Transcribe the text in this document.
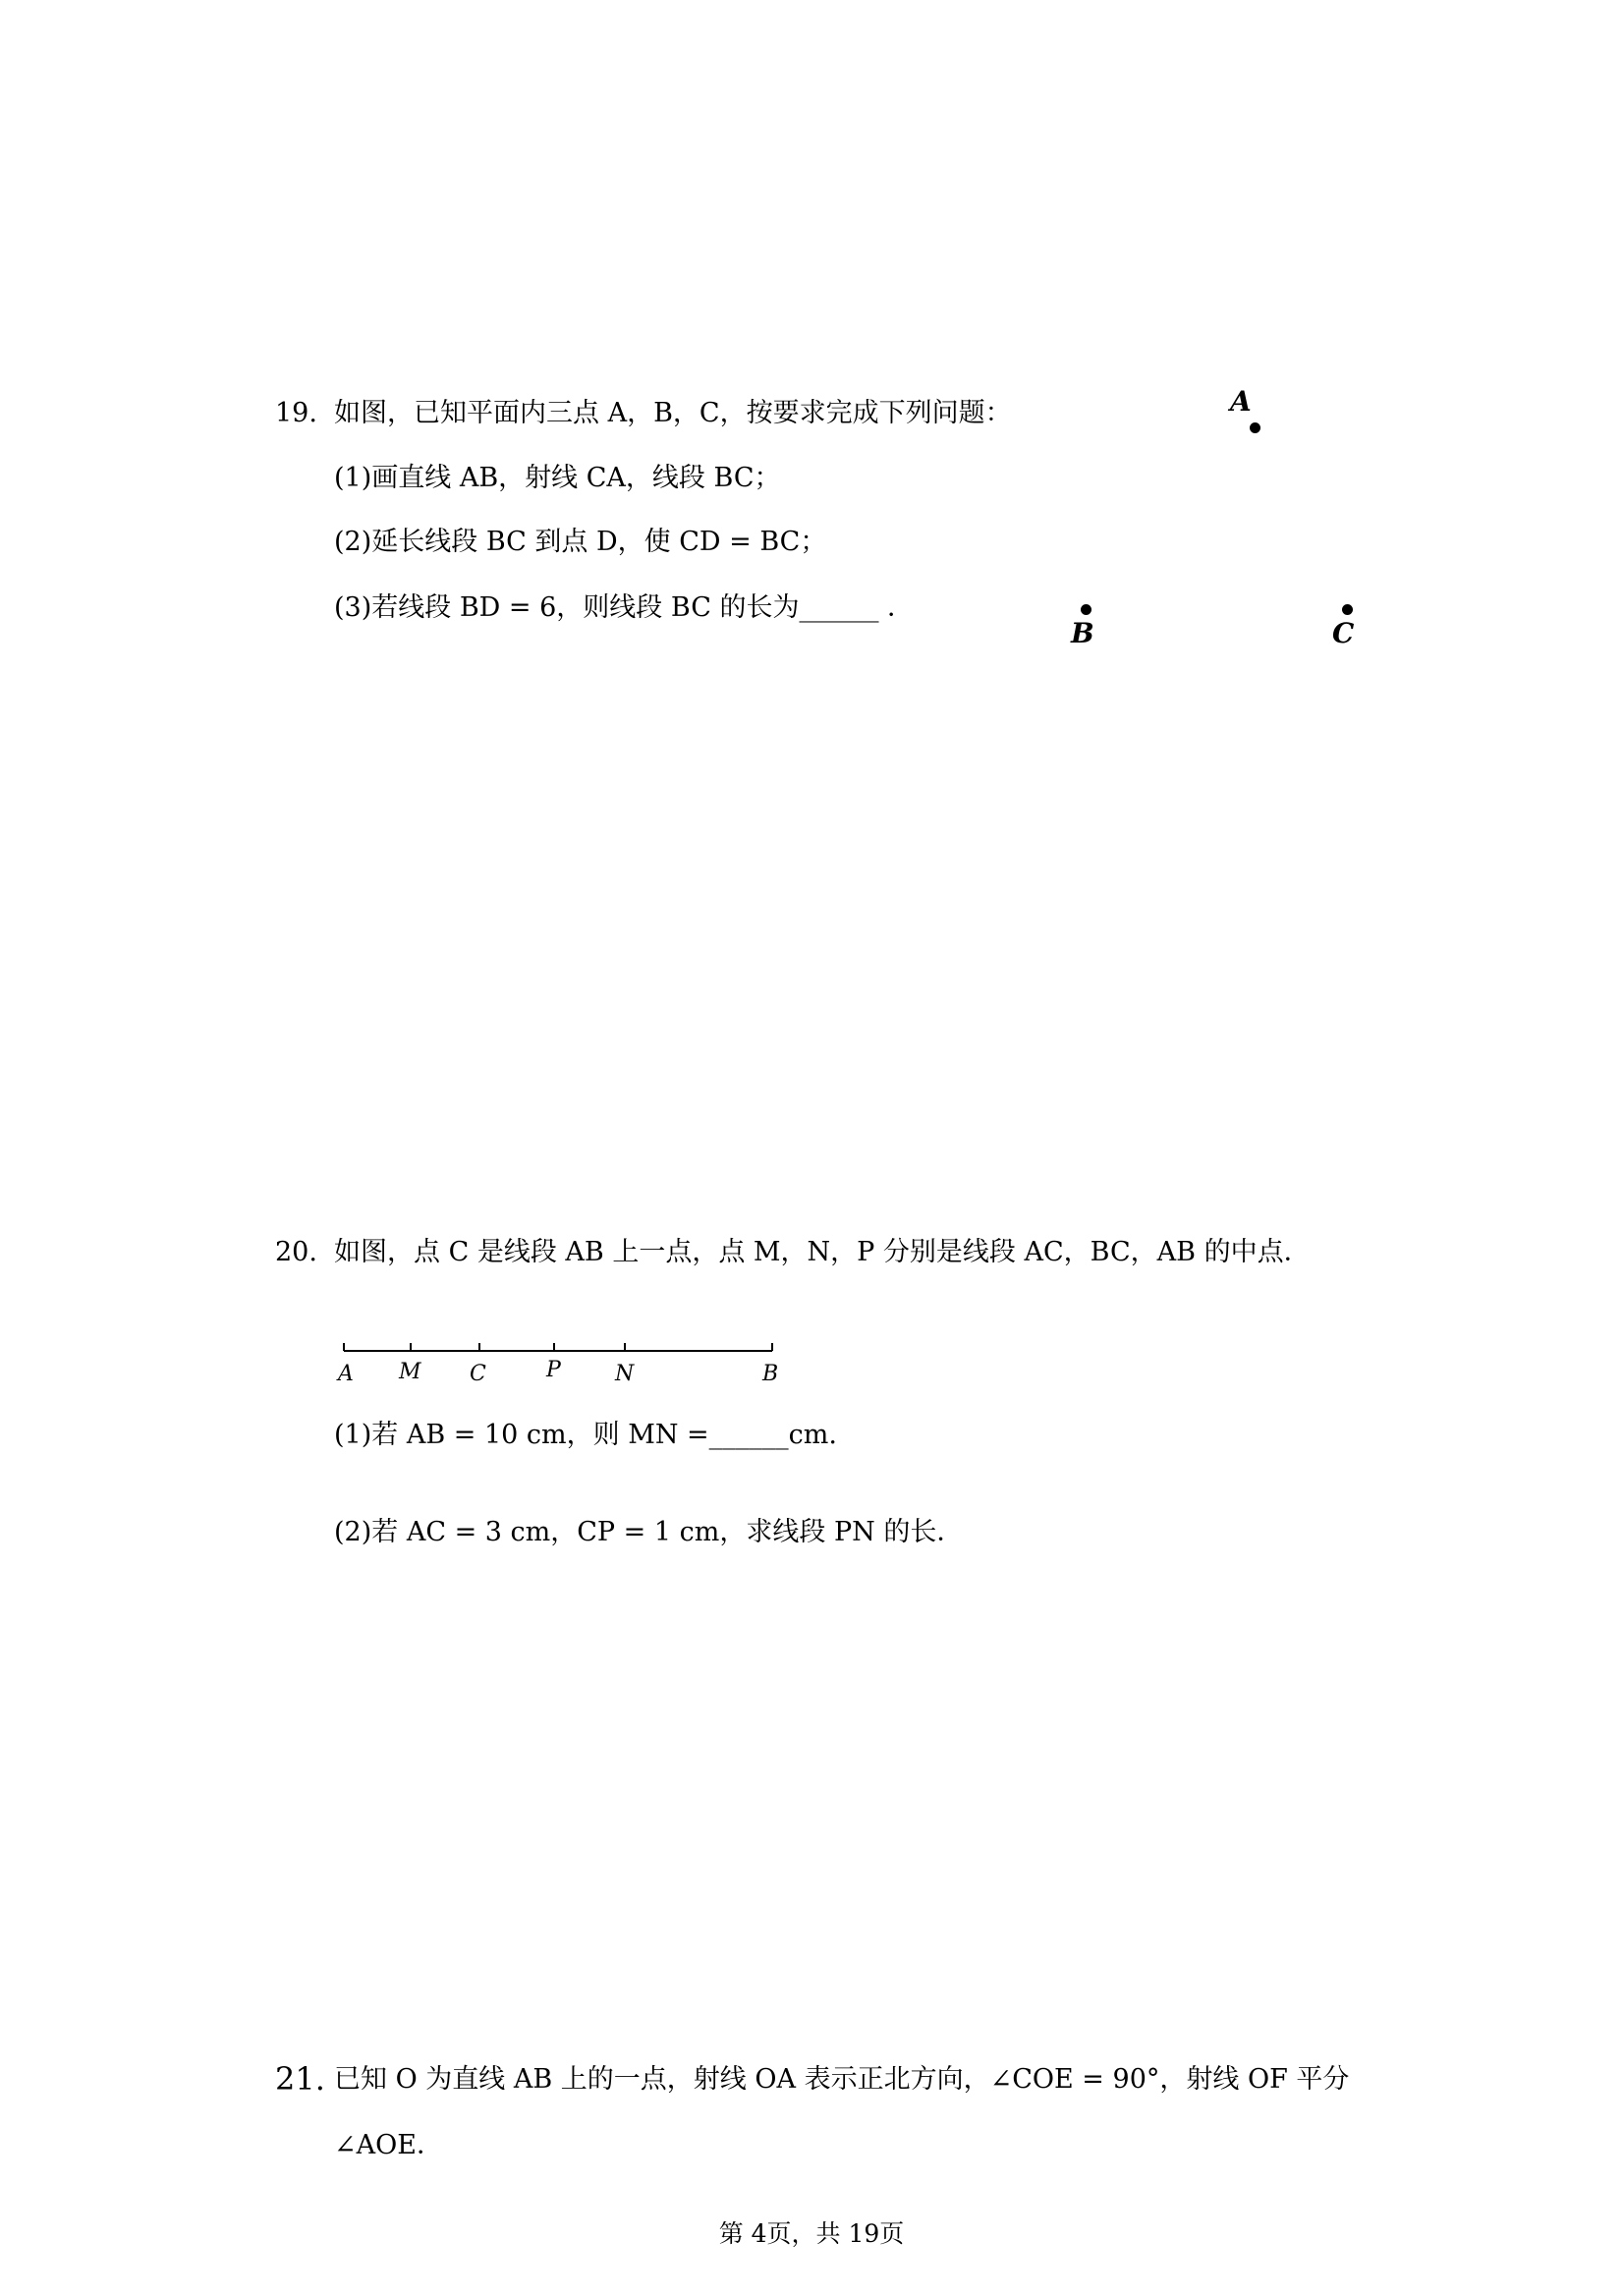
19. 如图，已知平面内三点 A，B，C，按要求完成下列问题：
(1)画直线 AB，射线 CA，线段 BC；
(2)延长线段 BC 到点 D，使 CD = BC；
(3)若线段 BD = 6，则线段 BC 的长为______ ．
A
B	C
20. 如图，点 C 是线段 AB 上一点，点 M，N，P 分别是线段 AC，BC，AB 的中点．
A M C	P	N	B
(1)若 AB = 10 cm，则 MN =______cm.
(2)若 AC = 3 cm，CP = 1 cm，求线段 PN 的长．
21. 已知 O 为直线 AB 上的一点，射线 OA 表示正北方向，∠COE = 90°，射线 OF 平分
∠AOE．
第 4页，共 19页
